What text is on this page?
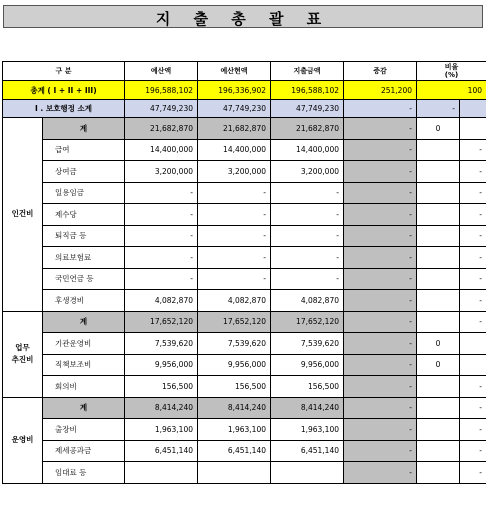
지 출 총 괄 표
구 분		예산액	예산현액	지출금액	증감	비율
(%)	
총계 ( I + II + III)		196,588,102	196,336,902	196,588,102	251,200	100	
I . 보호행정 소계		47,749,230	47,749,230	47,749,230	-	-	
인건비	계	21,682,870	21,682,870	21,682,870	-	0	
	급여	14,400,000	14,400,000	14,400,000	-		-
	상여금	3,200,000	3,200,000	3,200,000	-		-
	일용임금	-	-	-	-		-
	제수당	-	-	-	-		-
	퇴직금 등	-	-	-	-		-
	의료보험료	-	-	-	-		-
	국민연금 등	-	-	-	-		-
	후생경비	4,082,870	4,082,870	4,082,870	-		-
업무
추진비	계	17,652,120	17,652,120	17,652,120	-		-
	기관운영비	7,539,620	7,539,620	7,539,620	-	0	
	직책보조비	9,956,000	9,956,000	9,956,000	-	0	
	회의비	156,500	156,500	156,500	-		-
운영비	계	8,414,240	8,414,240	8,414,240	-		-
	출장비	1,963,100	1,963,100	1,963,100	-		-
	제세공과금	6,451,140	6,451,140	6,451,140	-		-
	임대료 등				-		-
